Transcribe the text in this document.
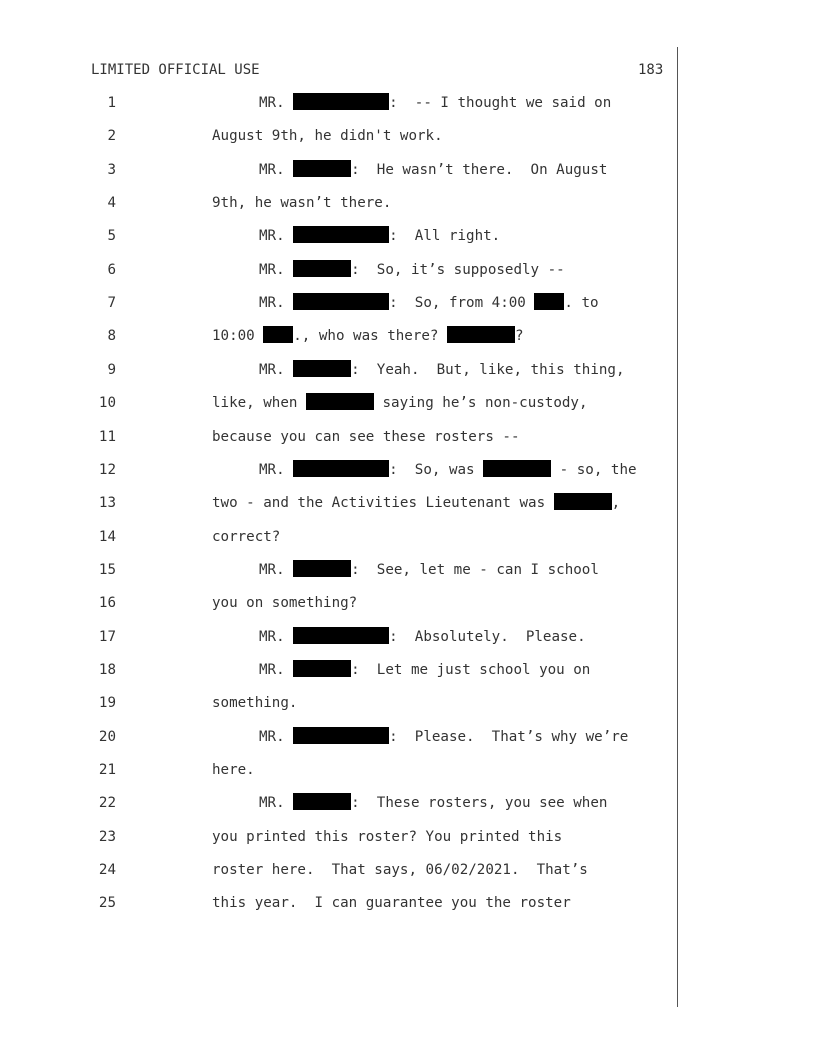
LIMITED OFFICIAL USE	183
1	MR.	:  -- I thought we said on
2	August 9th, he didn't work.
3	MR.	:  He wasn’t there.  On August
4	9th, he wasn’t there.
5	MR.	:  All right.
6	MR.	:  So, it’s supposedly --
7	MR.	:  So, from 4:00 . to
8	10:00 ., who was there?	?
9	MR.	:  Yeah.  But, like, this thing,
10	like, when	saying he’s non-custody,
11	because you can see these rosters --
12	MR.	:  So, was	- so, the
13	two - and the Activities Lieutenant was	,
14	correct?
15	MR.	:  See, let me - can I school
16	you on something?
17	MR.	:  Absolutely.  Please.
18	MR.	:  Let me just school you on
19	something.
20	MR.	:  Please.  That’s why we’re
21	here.
22	MR.	:  These rosters, you see when
23	you printed this roster? You printed this
24	roster here.  That says, 06/02/2021.  That’s
25	this year.  I can guarantee you the roster
